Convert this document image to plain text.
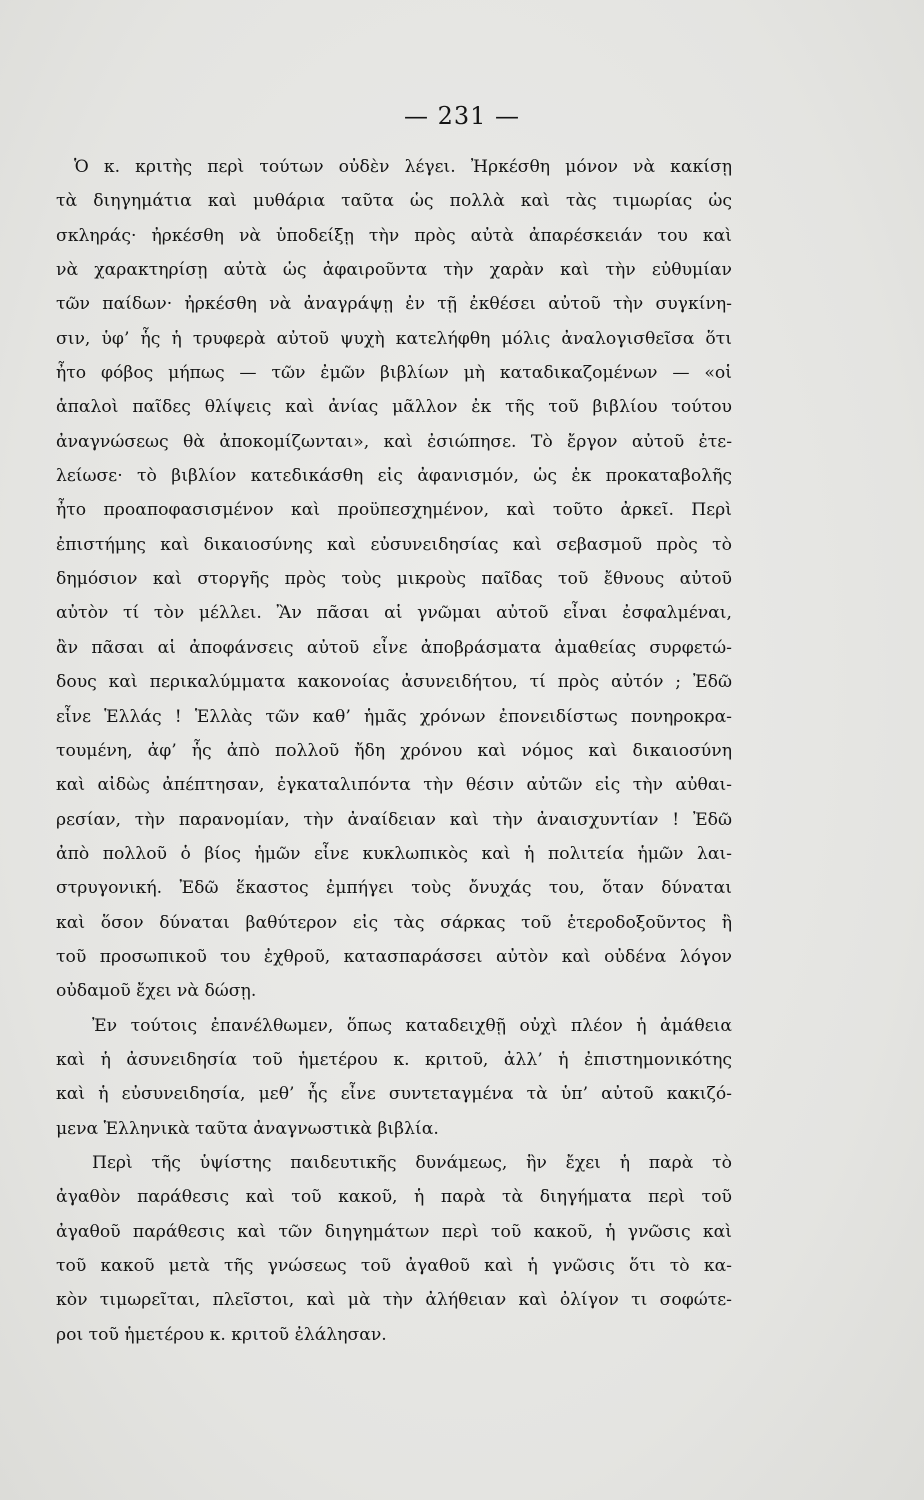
— 231 —
Ὁ κ. κριτὴς περὶ τούτων οὐδὲν λέγει. Ἠρκέσθη μόνον νὰ κακίσῃ
τὰ διηγημάτια καὶ μυθάρια ταῦτα ὡς πολλὰ καὶ τὰς τιμωρίας ὡς
σκληράς· ἠρκέσθη νὰ ὑποδείξῃ τὴν πρὸς αὐτὰ ἀπαρέσκειάν του καὶ
νὰ χαρακτηρίσῃ αὐτὰ ὡς ἀφαιροῦντα τὴν χαρὰν καὶ τὴν εὐθυμίαν
τῶν παίδων· ἠρκέσθη νὰ ἀναγράψῃ ἐν τῇ ἐκθέσει αὐτοῦ τὴν συγκίνη-
σιν, ὑφ’ ἧς ἡ τρυφερὰ αὐτοῦ ψυχὴ κατελήφθη μόλις ἀναλογισθεῖσα ὅτι
ἦτο φόβος μήπως — τῶν ἐμῶν βιβλίων μὴ καταδικαζομένων — «οἱ
ἁπαλοὶ παῖδες θλίψεις καὶ ἀνίας μᾶλλον ἐκ τῆς τοῦ βιβλίου τούτου
ἀναγνώσεως θὰ ἀποκομίζωνται», καὶ ἐσιώπησε. Τὸ ἔργον αὐτοῦ ἐτε-
λείωσε· τὸ βιβλίον κατεδικάσθη εἰς ἀφανισμόν, ὡς ἐκ προκαταβολῆς
ἦτο προαποφασισμένον καὶ προϋπεσχημένον, καὶ τοῦτο ἀρκεῖ. Περὶ
ἐπιστήμης καὶ δικαιοσύνης καὶ εὐσυνειδησίας καὶ σεβασμοῦ πρὸς τὸ
δημόσιον καὶ στοργῆς πρὸς τοὺς μικροὺς παῖδας τοῦ ἔθνους αὐτοῦ
αὐτὸν τί τὸν μέλλει. Ἂν πᾶσαι αἱ γνῶμαι αὐτοῦ εἶναι ἐσφαλμέναι,
ἂν πᾶσαι αἱ ἀποφάνσεις αὐτοῦ εἶνε ἀποβράσματα ἀμαθείας συρφετώ-
δους καὶ περικαλύμματα κακονοίας ἀσυνειδήτου, τί πρὸς αὐτόν ; Ἐδῶ
εἶνε Ἑλλάς ! Ἑλλὰς τῶν καθ’ ἡμᾶς χρόνων ἐπονειδίστως πονηροκρα-
τουμένη, ἀφ’ ἧς ἀπὸ πολλοῦ ἤδη χρόνου καὶ νόμος καὶ δικαιοσύνη
καὶ αἰδὼς ἀπέπτησαν, ἐγκαταλιπόντα τὴν θέσιν αὐτῶν εἰς τὴν αὐθαι-
ρεσίαν, τὴν παρανομίαν, τὴν ἀναίδειαν καὶ τὴν ἀναισχυντίαν ! Ἐδῶ
ἀπὸ πολλοῦ ὁ βίος ἡμῶν εἶνε κυκλωπικὸς καὶ ἡ πολιτεία ἡμῶν λαι-
στρυγονική. Ἐδῶ ἕκαστος ἐμπήγει τοὺς ὄνυχάς του, ὅταν δύναται
καὶ ὅσον δύναται βαθύτερον εἰς τὰς σάρκας τοῦ ἑτεροδοξοῦντος ἢ
τοῦ προσωπικοῦ του ἐχθροῦ, κατασπαράσσει αὐτὸν καὶ οὐδένα λόγον
οὐδαμοῦ ἔχει νὰ δώσῃ.
Ἐν τούτοις ἐπανέλθωμεν, ὅπως καταδειχθῇ οὐχὶ πλέον ἡ ἀμάθεια
καὶ ἡ ἀσυνειδησία τοῦ ἡμετέρου κ. κριτοῦ, ἀλλ’ ἡ ἐπιστημονικότης
καὶ ἡ εὐσυνειδησία, μεθ’ ἧς εἶνε συντεταγμένα τὰ ὑπ’ αὐτοῦ κακιζό-
μενα Ἑλληνικὰ ταῦτα ἀναγνωστικὰ βιβλία.
Περὶ τῆς ὑψίστης παιδευτικῆς δυνάμεως, ἣν ἔχει ἡ παρὰ τὸ
ἀγαθὸν παράθεσις καὶ τοῦ κακοῦ, ἡ παρὰ τὰ διηγήματα περὶ τοῦ
ἀγαθοῦ παράθεσις καὶ τῶν διηγημάτων περὶ τοῦ κακοῦ, ἡ γνῶσις καὶ
τοῦ κακοῦ μετὰ τῆς γνώσεως τοῦ ἀγαθοῦ καὶ ἡ γνῶσις ὅτι τὸ κα-
κὸν τιμωρεῖται, πλεῖστοι, καὶ μὰ τὴν ἀλήθειαν καὶ ὀλίγον τι σοφώτε-
ροι τοῦ ἡμετέρου κ. κριτοῦ ἐλάλησαν.
